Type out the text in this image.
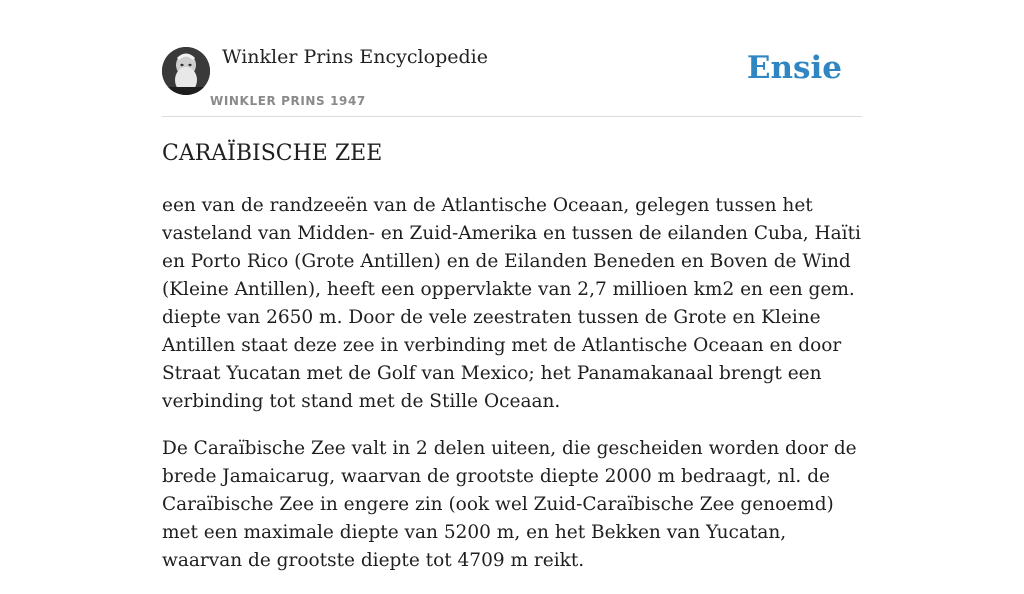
Winkler Prins Encyclopedie
WINKLER PRINS 1947
Ensie
CARAÏBISCHE ZEE

een van de randzeeën van de Atlantische Oceaan, gelegen tussen het vasteland van Midden- en Zuid-Amerika en tussen de eilanden Cuba, Haïti en Porto Rico (Grote Antillen) en de Eilanden Beneden en Boven de Wind (Kleine Antillen), heeft een oppervlakte van 2,7 millioen km2 en een gem. diepte van 2650 m. Door de vele zeestraten tussen de Grote en Kleine Antillen staat deze zee in verbinding met de Atlantische Oceaan en door Straat Yucatan met de Golf van Mexico; het Panamakanaal brengt een verbinding tot stand met de Stille Oceaan.

De Caraïbische Zee valt in 2 delen uiteen, die gescheiden worden door de brede Jamaicarug, waarvan de grootste diepte 2000 m bedraagt, nl. de Caraïbische Zee in engere zin (ook wel Zuid-Caraïbische Zee genoemd) met een maximale diepte van 5200 m, en het Bekken van Yucatan, waarvan de grootste diepte tot 4709 m reikt.
